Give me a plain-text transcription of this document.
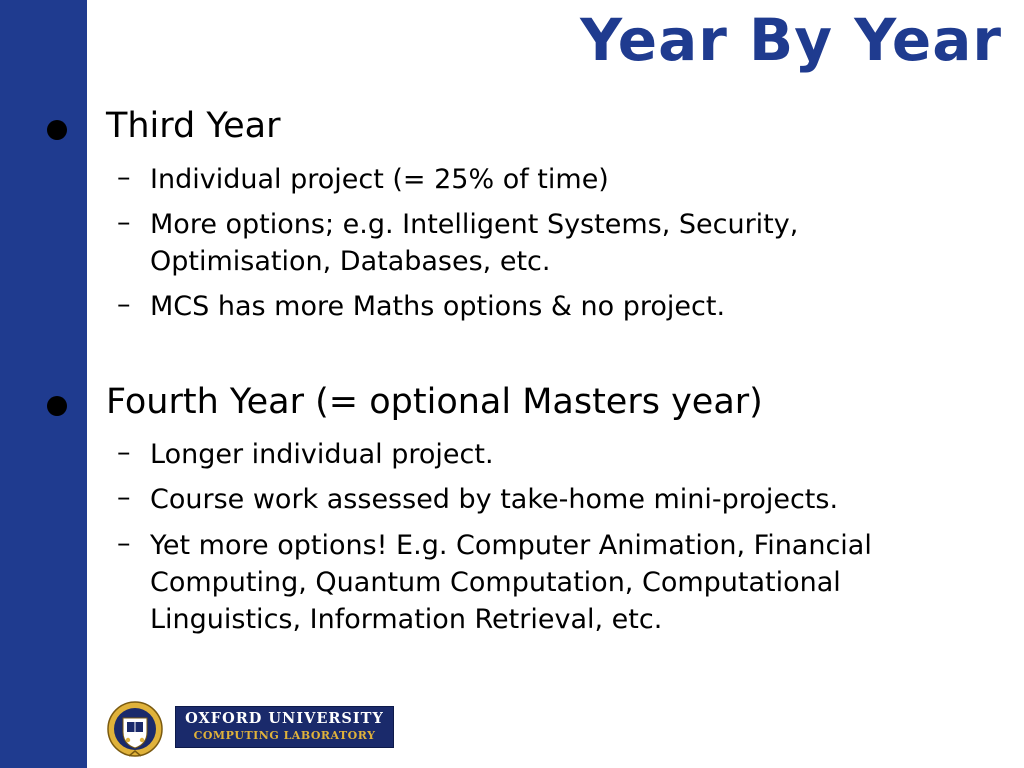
Year By Year
Third Year
– Individual project (= 25% of time)
– More options; e.g. Intelligent Systems, Security,
Optimisation, Databases, etc.
– MCS has more Maths options & no project.
Fourth Year (= optional Masters year)
– Longer individual project.
– Course work assessed by take-home mini-projects.
– Yet more options! E.g. Computer Animation, Financial
Computing, Quantum Computation, Computational
Linguistics, Information Retrieval, etc.
OXFORD UNIVERSITY
COMPUTING LABORATORY
